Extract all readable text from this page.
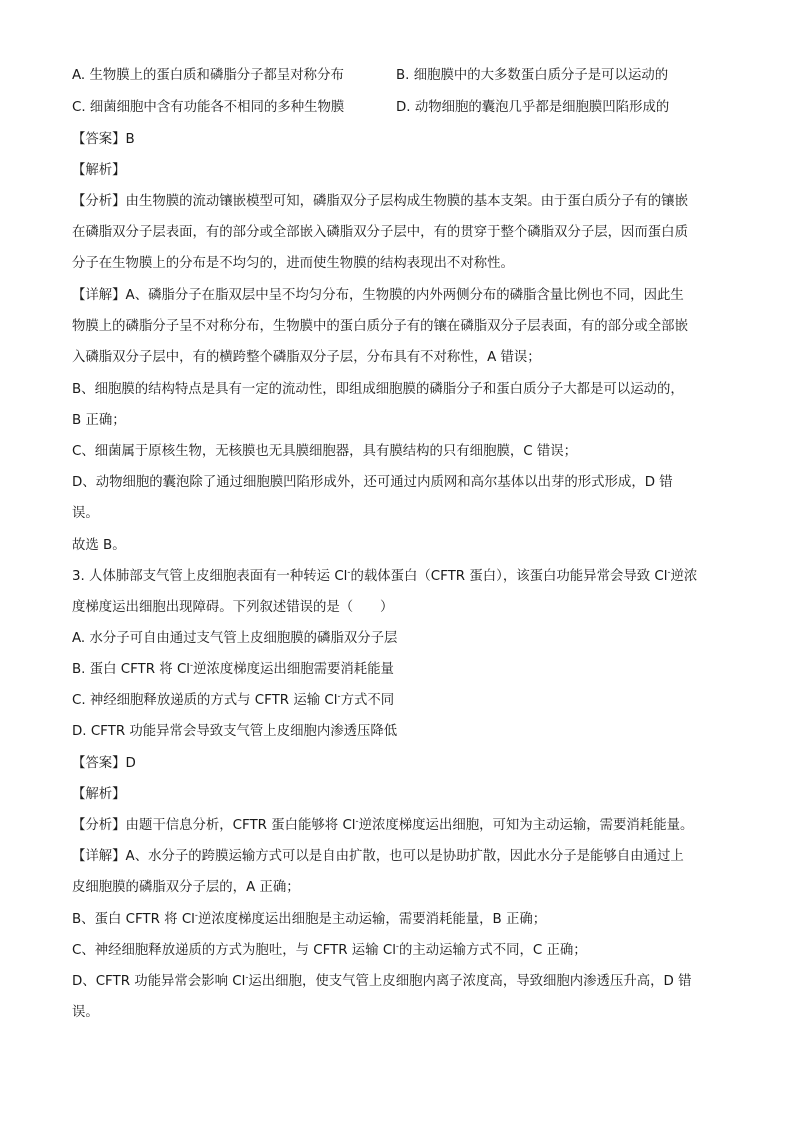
A. 生物膜上的蛋白质和磷脂分子都呈对称分布	B. 细胞膜中的大多数蛋白质分子是可以运动的
C. 细菌细胞中含有功能各不相同的多种生物膜	D. 动物细胞的囊泡几乎都是细胞膜凹陷形成的
【答案】B
【解析】
【分析】由生物膜的流动镶嵌模型可知，磷脂双分子层构成生物膜的基本支架。由于蛋白质分子有的镶嵌
在磷脂双分子层表面，有的部分或全部嵌入磷脂双分子层中，有的贯穿于整个磷脂双分子层，因而蛋白质
分子在生物膜上的分布是不均匀的，进而使生物膜的结构表现出不对称性。
【详解】A、磷脂分子在脂双层中呈不均匀分布，生物膜的内外两侧分布的磷脂含量比例也不同，因此生
物膜上的磷脂分子呈不对称分布，生物膜中的蛋白质分子有的镶在磷脂双分子层表面，有的部分或全部嵌
入磷脂双分子层中，有的横跨整个磷脂双分子层，分布具有不对称性，A 错误；
B、细胞膜的结构特点是具有一定的流动性，即组成细胞膜的磷脂分子和蛋白质分子大都是可以运动的，
B 正确；
C、细菌属于原核生物，无核膜也无具膜细胞器，具有膜结构的只有细胞膜，C 错误；
D、动物细胞的囊泡除了通过细胞膜凹陷形成外，还可通过内质网和高尔基体以出芽的形式形成，D 错
误。
故选 B。
3. 人体肺部支气管上皮细胞表面有一种转运 Cl-的载体蛋白（CFTR 蛋白），该蛋白功能异常会导致 Cl-逆浓
度梯度运出细胞出现障碍。下列叙述错误的是（　　）
A. 水分子可自由通过支气管上皮细胞膜的磷脂双分子层
B. 蛋白 CFTR 将 Cl-逆浓度梯度运出细胞需要消耗能量
C. 神经细胞释放递质的方式与 CFTR 运输 Cl-方式不同
D. CFTR 功能异常会导致支气管上皮细胞内渗透压降低
【答案】D
【解析】
【分析】由题干信息分析，CFTR 蛋白能够将 Cl-逆浓度梯度运出细胞，可知为主动运输，需要消耗能量。
【详解】A、水分子的跨膜运输方式可以是自由扩散，也可以是协助扩散，因此水分子是能够自由通过上
皮细胞膜的磷脂双分子层的，A 正确；
B、蛋白 CFTR 将 Cl-逆浓度梯度运出细胞是主动运输，需要消耗能量，B 正确；
C、神经细胞释放递质的方式为胞吐，与 CFTR 运输 Cl-的主动运输方式不同，C 正确；
D、CFTR 功能异常会影响 Cl-运出细胞，使支气管上皮细胞内离子浓度高，导致细胞内渗透压升高，D 错
误。
